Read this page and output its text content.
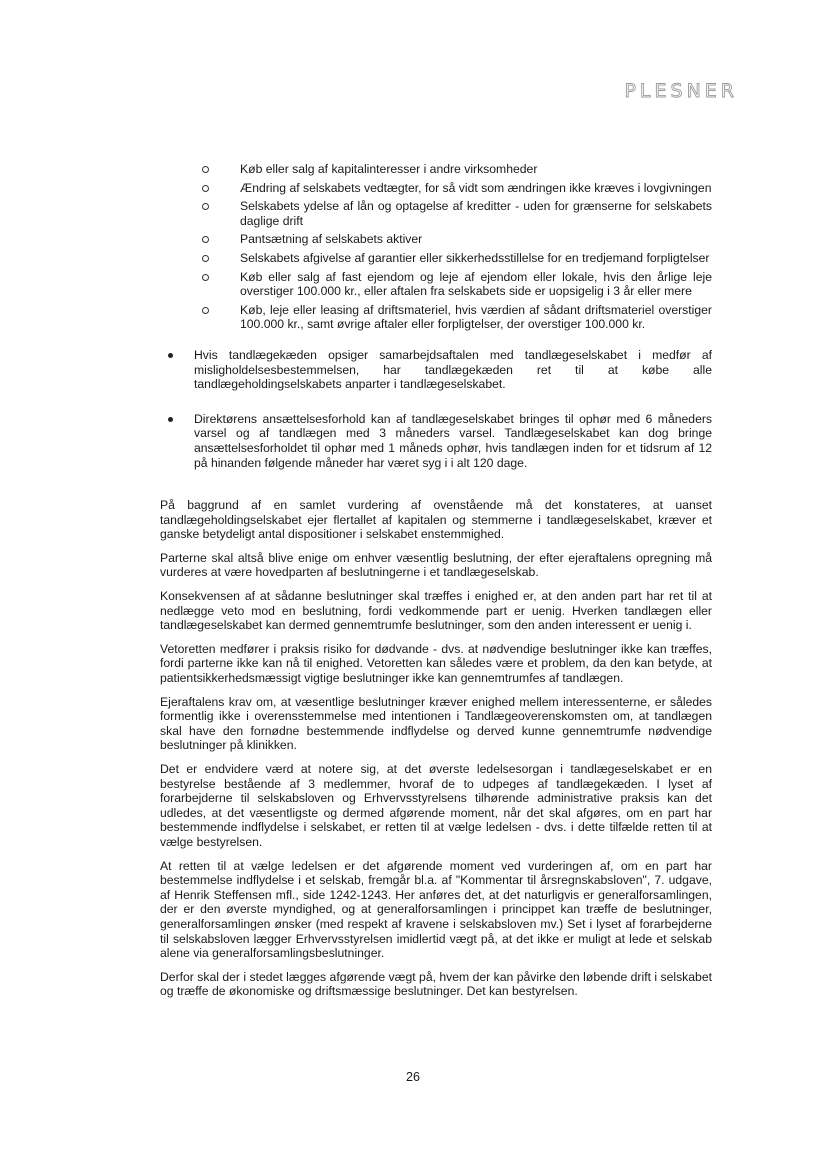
PLESNER
Køb eller salg af kapitalinteresser i andre virksomheder
Ændring af selskabets vedtægter, for så vidt som ændringen ikke kræves i lovgivningen
Selskabets ydelse af lån og optagelse af kreditter - uden for grænserne for selskabets daglige drift
Pantsætning af selskabets aktiver
Selskabets afgivelse af garantier eller sikkerhedsstillelse for en tredjemand forpligtelser
Køb eller salg af fast ejendom og leje af ejendom eller lokale, hvis den årlige leje overstiger 100.000 kr., eller aftalen fra selskabets side er uopsigelig i 3 år eller mere
Køb, leje eller leasing af driftsmateriel, hvis værdien af sådant driftsmateriel overstiger 100.000 kr., samt øvrige aftaler eller forpligtelser, der overstiger 100.000 kr.
Hvis tandlægekæden opsiger samarbejdsaftalen med tandlægeselskabet i medfør af misligholdelsesbestemmelsen, har tandlægekæden ret til at købe alle tandlægeholdingselskabets anparter i tandlægeselskabet.
Direktørens ansættelsesforhold kan af tandlægeselskabet bringes til ophør med 6 måneders varsel og af tandlægen med 3 måneders varsel. Tandlægeselskabet kan dog bringe ansættelsesforholdet til ophør med 1 måneds ophør, hvis tandlægen inden for et tidsrum af 12 på hinanden følgende måneder har været syg i i alt 120 dage.

På baggrund af en samlet vurdering af ovenstående må det konstateres, at uanset tandlægeholdingselskabet ejer flertallet af kapitalen og stemmerne i tandlægeselskabet, kræver et ganske betydeligt antal dispositioner i selskabet enstemmighed.

Parterne skal altså blive enige om enhver væsentlig beslutning, der efter ejeraftalens opregning må vurderes at være hovedparten af beslutningerne i et tandlægeselskab.

Konsekvensen af at sådanne beslutninger skal træffes i enighed er, at den anden part har ret til at nedlægge veto mod en beslutning, fordi vedkommende part er uenig. Hverken tandlægen eller tandlægeselskabet kan dermed gennemtrumfe beslutninger, som den anden interessent er uenig i.

Vetoretten medfører i praksis risiko for dødvande - dvs. at nødvendige beslutninger ikke kan træffes, fordi parterne ikke kan nå til enighed. Vetoretten kan således være et problem, da den kan betyde, at patientsikkerhedsmæssigt vigtige beslutninger ikke kan gennemtrumfes af tandlægen.

Ejeraftalens krav om, at væsentlige beslutninger kræver enighed mellem interessenterne, er således formentlig ikke i overensstemmelse med intentionen i Tandlægeoverenskomsten om, at tandlægen skal have den fornødne bestemmende indflydelse og derved kunne gennemtrumfe nødvendige beslutninger på klinikken.

Det er endvidere værd at notere sig, at det øverste ledelsesorgan i tandlægeselskabet er en bestyrelse bestående af 3 medlemmer, hvoraf de to udpeges af tandlægekæden. I lyset af forarbejderne til selskabsloven og Erhvervsstyrelsens tilhørende administrative praksis kan det udledes, at det væsentligste og dermed afgørende moment, når det skal afgøres, om en part har bestemmende indflydelse i selskabet, er retten til at vælge ledelsen - dvs. i dette tilfælde retten til at vælge bestyrelsen.

At retten til at vælge ledelsen er det afgørende moment ved vurderingen af, om en part har bestemmelse indflydelse i et selskab, fremgår bl.a. af "Kommentar til årsregnskabsloven", 7. udgave, af Henrik Steffensen mfl., side 1242-1243. Her anføres det, at det naturligvis er generalforsamlingen, der er den øverste myndighed, og at generalforsamlingen i princippet kan træffe de beslutninger, generalforsamlingen ønsker (med respekt af kravene i selskabsloven mv.) Set i lyset af forarbejderne til selskabsloven lægger Erhvervsstyrelsen imidlertid vægt på, at det ikke er muligt at lede et selskab alene via generalforsamlingsbeslutninger.

Derfor skal der i stedet lægges afgørende vægt på, hvem der kan påvirke den løbende drift i selskabet og træffe de økonomiske og driftsmæssige beslutninger. Det kan bestyrelsen.

26
